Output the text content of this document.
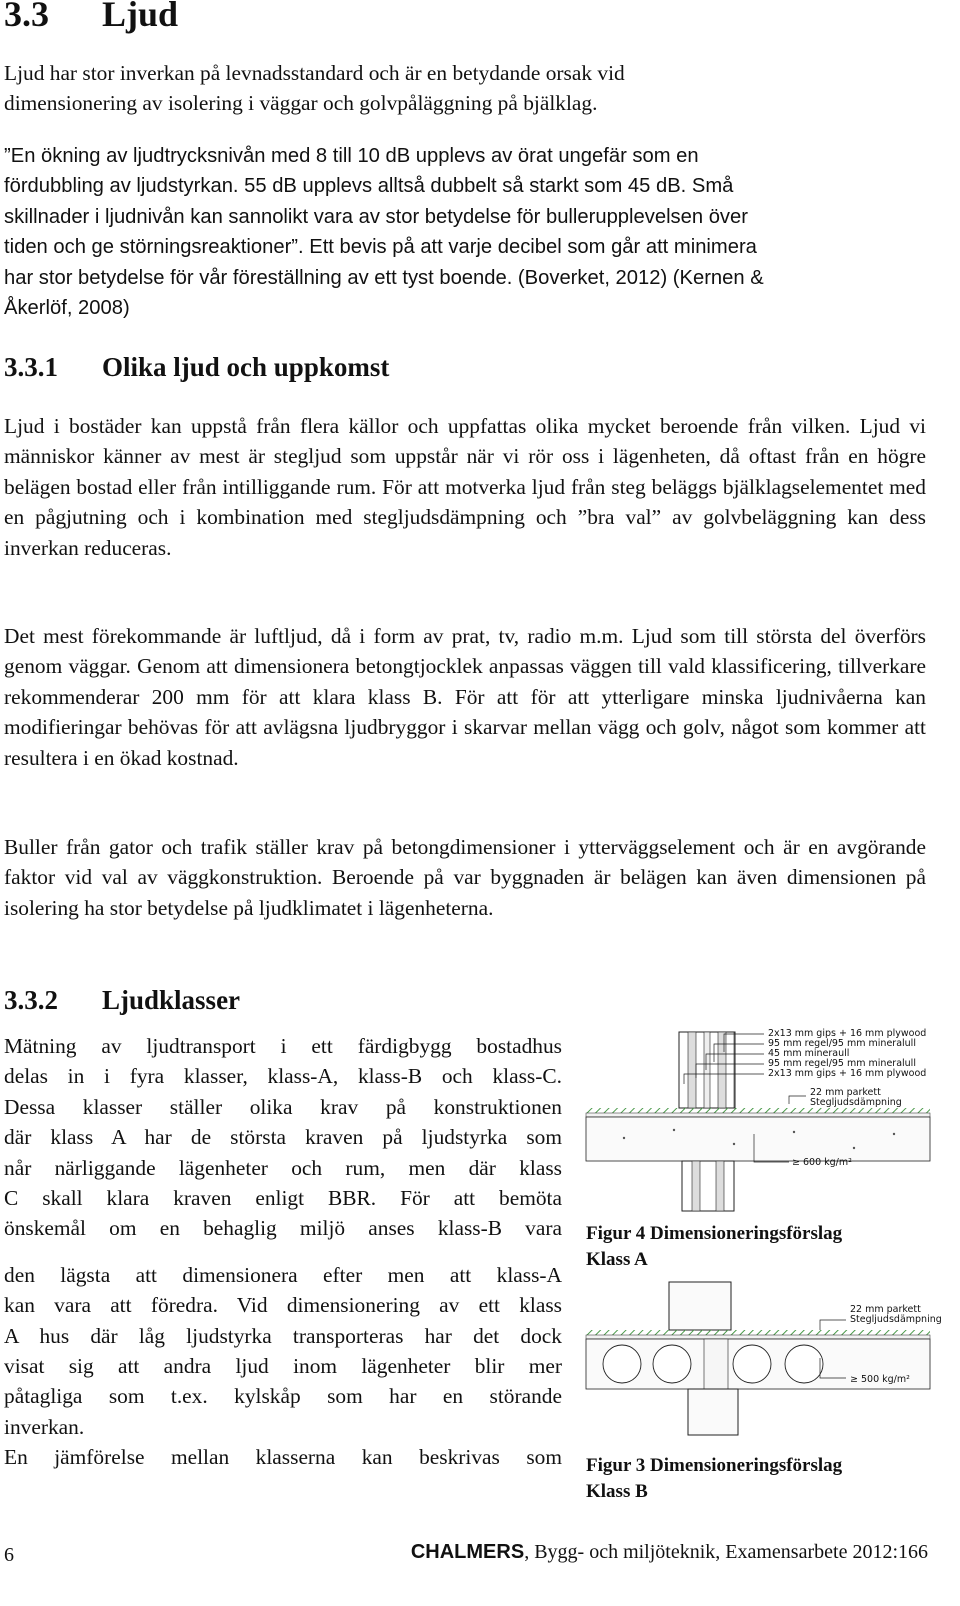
3.3 Ljud
Ljud har stor inverkan på levnadsstandard och är en betydande orsak vid
dimensionering av isolering i väggar och golvpåläggning på bjälklag.
”En ökning av ljudtrycksnivån med 8 till 10 dB upplevs av örat ungefär som en
fördubbling av ljudstyrkan. 55 dB upplevs alltså dubbelt så starkt som 45 dB. Små
skillnader i ljudnivån kan sannolikt vara av stor betydelse för bullerupplevelsen över
tiden och ge störningsreaktioner”. Ett bevis på att varje decibel som går att minimera
har stor betydelse för vår föreställning av ett tyst boende. (Boverket, 2012) (Kernen &
Åkerlöf, 2008)
3.3.1 Olika ljud och uppkomst

Ljud i bostäder kan uppstå från flera källor och uppfattas olika mycket beroende från vilken. Ljud vi människor känner av mest är stegljud som uppstår när vi rör oss i lägenheten, då oftast från en högre belägen bostad eller från intilliggande rum. För att motverka ljud från steg beläggs bjälklagselementet med en pågjutning och i kombination med stegljudsdämpning och ”bra val” av golvbeläggning kan dess inverkan reduceras.

Det mest förekommande är luftljud, då i form av prat, tv, radio m.m. Ljud som till största del överförs genom väggar. Genom att dimensionera betongtjocklek anpassas väggen till vald klassificering, tillverkare rekommenderar 200 mm för att klara klass B. För att för att ytterligare minska ljudnivåerna kan modifieringar behövas för att avlägsna ljudbryggor i skarvar mellan vägg och golv, något som kommer att resultera i en ökad kostnad.

Buller från gator och trafik ställer krav på betongdimensioner i ytterväggselement och är en avgörande faktor vid val av väggkonstruktion. Beroende på var byggnaden är belägen kan även dimensionen på isolering ha stor betydelse på ljudklimatet i lägenheterna.

3.3.2 Ljudklasser
Mätning av ljudtransport i ett färdigbygg bostadhus
delas in i fyra klasser, klass-A, klass-B och klass-C.
Dessa klasser ställer olika krav på konstruktionen
där klass A har de största kraven på ljudstyrka som
når närliggande lägenheter och rum, men där klass
C skall klara kraven enligt BBR. För att bemöta
önskemål om en behaglig miljö anses klass-B vara
den lägsta att dimensionera efter men att klass-A
kan vara att föredra. Vid dimensionering av ett klass
A hus där låg ljudstyrka transporteras har det dock
visat sig att andra ljud inom lägenheter blir mer
påtagliga som t.ex. kylskåp som har en störande
inverkan.
En jämförelse mellan klasserna kan beskrivas som
2x13 mm gips + 16 mm plywood
95 mm regel/95 mm mineralull
45 mm mineraull
95 mm regel/95 mm mineralull
2x13 mm gips + 16 mm plywood
22 mm parkett
Stegljudsdämpning
≥ 600 kg/m²
Figur 4 Dimensioneringsförslag
Klass A
22 mm parkett
Stegljudsdämpning
≥ 500 kg/m²
Figur 3 Dimensioneringsförslag
Klass B
6	CHALMERS, Bygg- och miljöteknik, Examensarbete 2012:166
